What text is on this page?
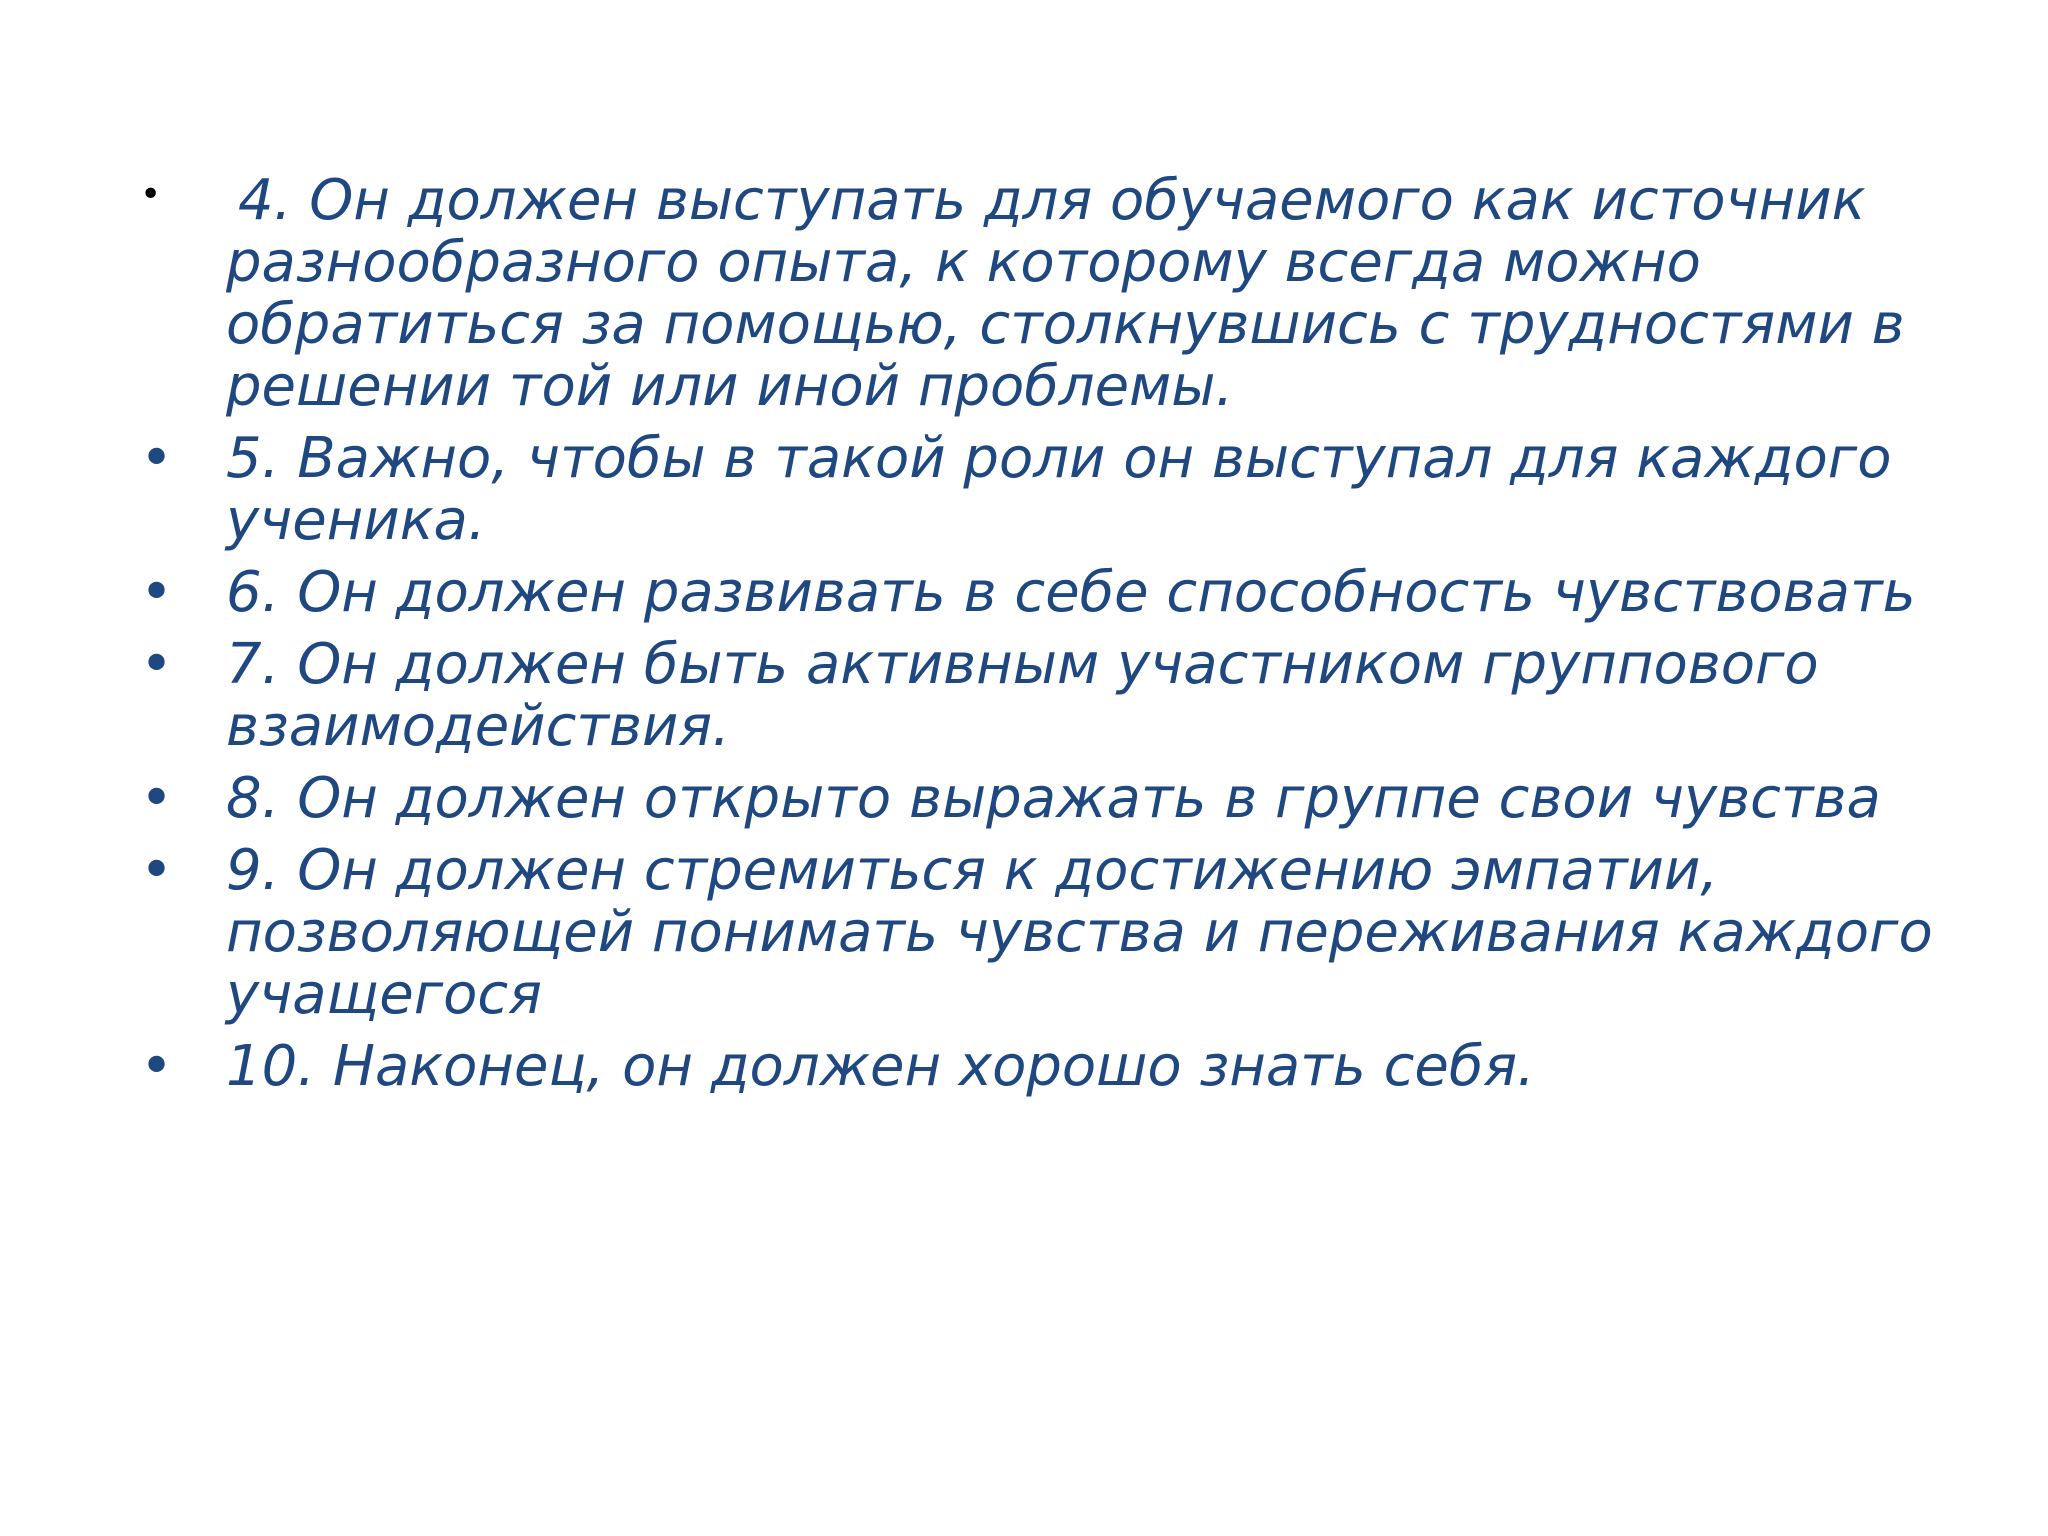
•	4. Он должен выступать для обучаемого как источник разнообразного опыта, к которому всегда можно обратиться за помощью, столкнувшись с трудностями в решении той или иной проблемы.
• 5. Важно, чтобы в такой роли он выступал для каждого ученика.
• 6. Он должен развивать в себе способность чувствовать
• 7. Он должен быть активным участником группового взаимодействия.
• 8. Он должен открыто выражать в группе свои чувства
• 9. Он должен стремиться к достижению эмпатии, позволяющей понимать чувства и переживания каждого учащегося
• 10. Наконец, он должен хорошо знать себя.
